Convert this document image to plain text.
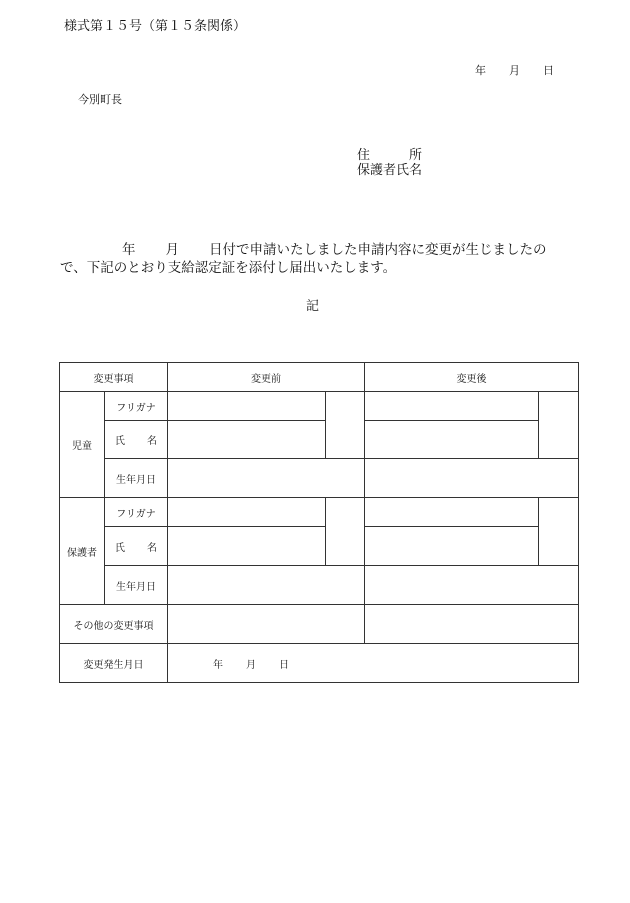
様式第１５号（第１５条関係）
年 月 日
今別町長
住　　　所
保護者氏名
年 月 日付で申請いたしました申請内容に変更が生じましたので、下記のとおり支給認定証を添付し届出いたします。
記
変更事項		変更前		変更後	
児童	フリガナ				
	氏 名				
	生年月日				
保護者	フリガナ				
	氏 名				
	生年月日				
その他の変更事項					
変更発生月日		年 月 日			
